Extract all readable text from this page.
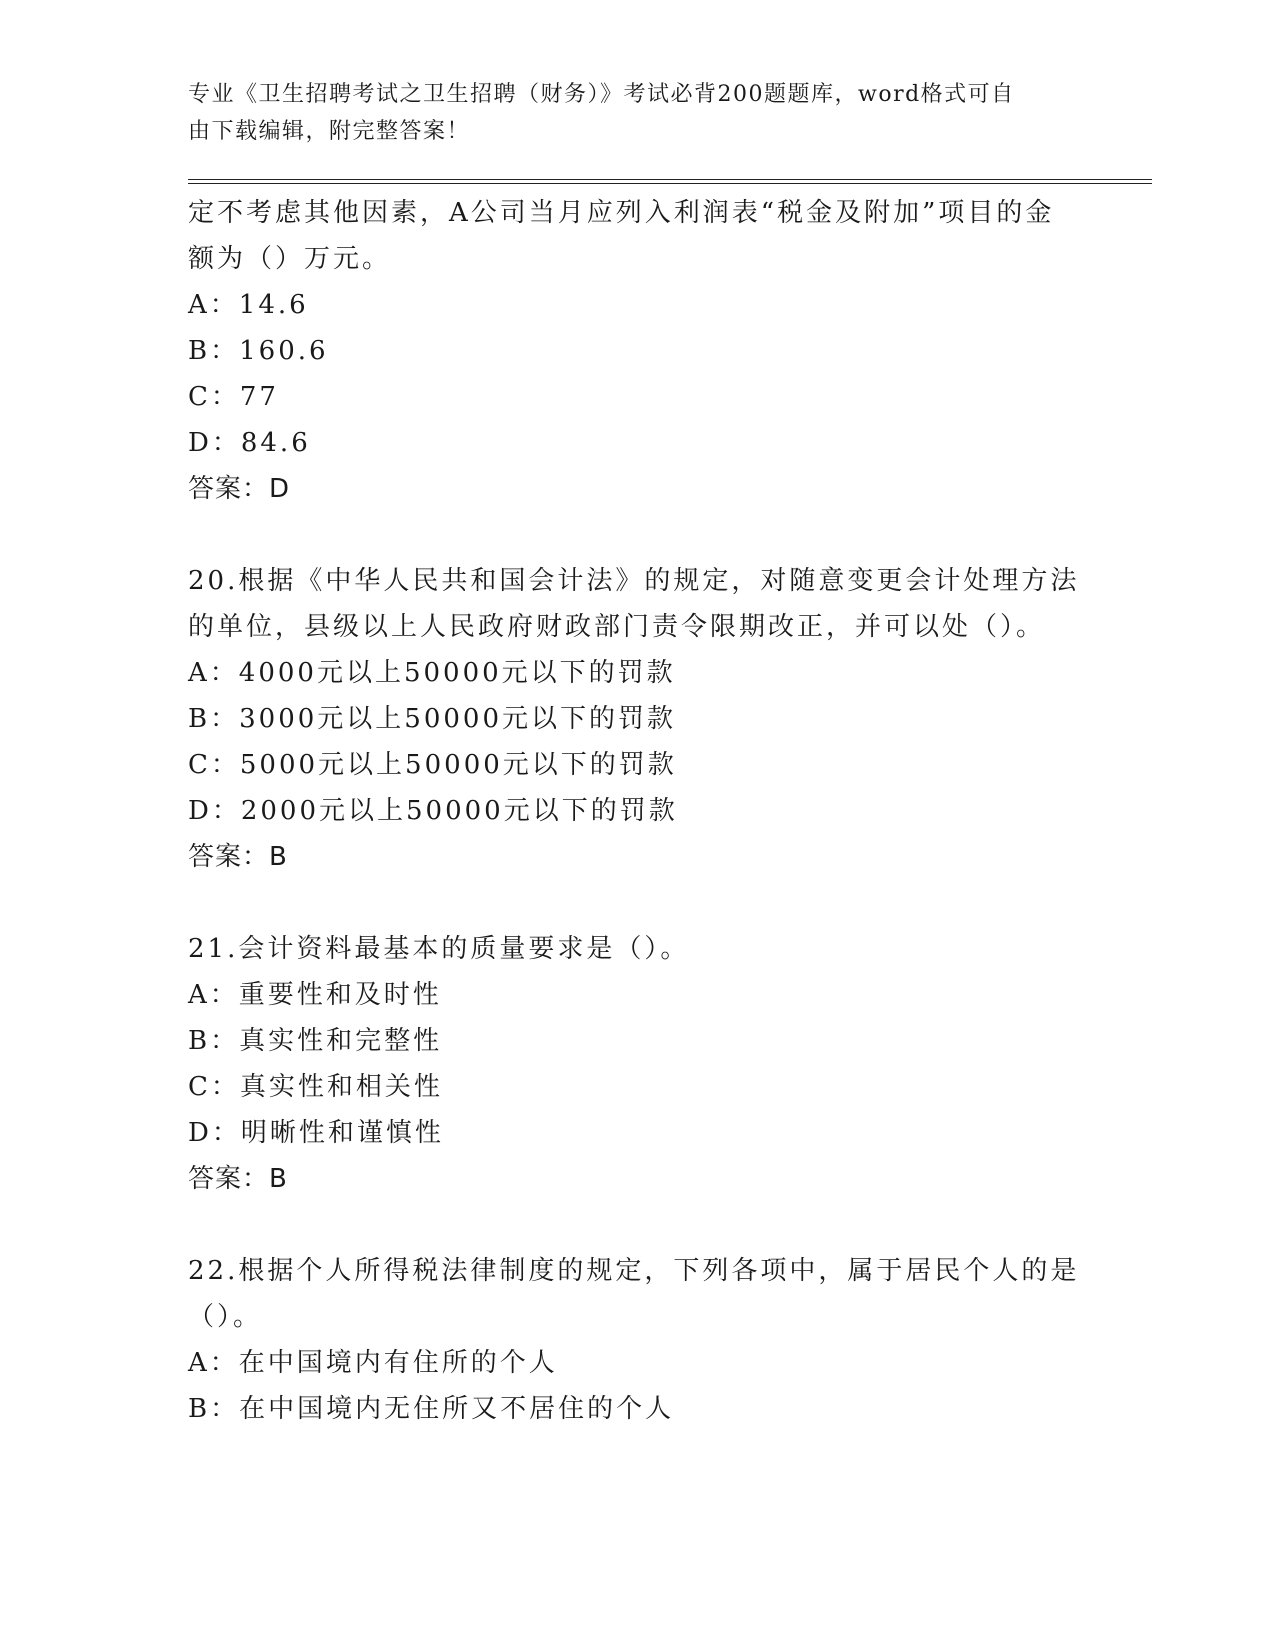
专业《卫生招聘考试之卫生招聘（财务）》考试必背200题题库，word格式可自
由下载编辑，附完整答案！
定不考虑其他因素，A公司当月应列入利润表“税金及附加”项目的金
额为（）万元。
A：14.6
B：160.6
C：77
D：84.6
答案：D
20.根据《中华人民共和国会计法》的规定，对随意变更会计处理方法
的单位，县级以上人民政府财政部门责令限期改正，并可以处（）。
A：4000元以上50000元以下的罚款
B：3000元以上50000元以下的罚款
C：5000元以上50000元以下的罚款
D：2000元以上50000元以下的罚款
答案：B
21.会计资料最基本的质量要求是（）。
A：重要性和及时性
B：真实性和完整性
C：真实性和相关性
D：明晰性和谨慎性
答案：B
22.根据个人所得税法律制度的规定，下列各项中，属于居民个人的是
（）。
A：在中国境内有住所的个人
B：在中国境内无住所又不居住的个人
